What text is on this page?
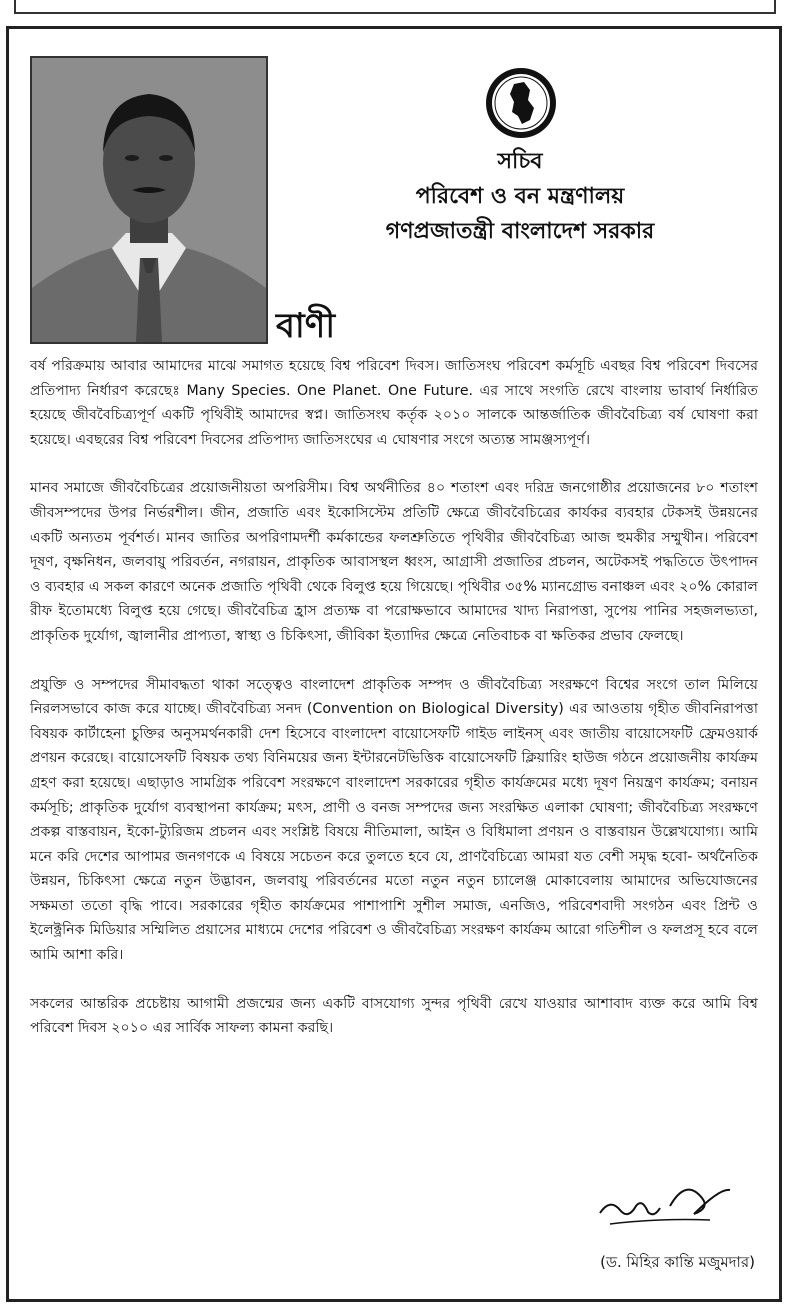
সচিব
পরিবেশ ও বন মন্ত্রণালয়
গণপ্রজাতন্ত্রী বাংলাদেশ সরকার
বাণী

বর্ষ পরিক্রমায় আবার আমাদের মাঝে সমাগত হয়েছে বিশ্ব পরিবেশ দিবস। জাতিসংঘ পরিবেশ কর্মসূচি এবছর বিশ্ব পরিবেশ দিবসের প্রতিপাদ্য নির্ধারণ করেছেঃ Many Species. One Planet. One Future. এর সাথে সংগতি রেখে বাংলায় ভাবার্থ নির্ধারিত হয়েছে জীববৈচিত্র্যপূর্ণ একটি পৃথিবীই আমাদের স্বপ্ন। জাতিসংঘ কর্তৃক ২০১০ সালকে আন্তর্জাতিক জীববৈচিত্র্য বর্ষ ঘোষণা করা হয়েছে। এবছরের বিশ্ব পরিবেশ দিবসের প্রতিপাদ্য জাতিসংঘের এ ঘোষণার সংগে অত্যন্ত সামঞ্জস্যপূর্ণ।

মানব সমাজে জীববৈচিত্রের প্রয়োজনীয়তা অপরিসীম। বিশ্ব অর্থনীতির ৪০ শতাংশ এবং দরিদ্র জনগোষ্ঠীর প্রয়োজনের ৮০ শতাংশ জীবসম্পদের উপর নির্ভরশীল। জীন, প্রজাতি এবং ইকোসিস্টেম প্রতিটি ক্ষেত্রে জীববৈচিত্রের কার্যকর ব্যবহার টেকসই উন্নয়নের একটি অন্যতম পূর্বশর্ত। মানব জাতির অপরিণামদর্শী কর্মকান্ডের ফলশ্রুতিতে পৃথিবীর জীববৈচিত্র্য আজ হুমকীর সম্মুখীন। পরিবেশ দূষণ, বৃক্ষনিধন, জলবায়ু পরিবর্তন, নগরায়ন, প্রাকৃতিক আবাসস্থল ধ্বংস, আগ্রাসী প্রজাতির প্রচলন, অটেকসই পদ্ধতিতে উৎপাদন ও ব্যবহার এ সকল কারণে অনেক প্রজাতি পৃথিবী থেকে বিলুপ্ত হয়ে গিয়েছে। পৃথিবীর ৩৫% ম্যানগ্রোভ বনাঞ্চল এবং ২০% কোরাল রীফ ইতোমধ্যে বিলুপ্ত হয়ে গেছে। জীববৈচিত্র হ্রাস প্রত্যক্ষ বা পরোক্ষভাবে আমাদের খাদ্য নিরাপত্তা, সুপেয় পানির সহজলভ্যতা, প্রাকৃতিক দুর্যোগ, জ্বালানীর প্রাপ্যতা, স্বাস্থ্য ও চিকিৎসা, জীবিকা ইত্যাদির ক্ষেত্রে নেতিবাচক বা ক্ষতিকর প্রভাব ফেলছে।

প্রযুক্তি ও সম্পদের সীমাবদ্ধতা থাকা সত্ত্বেও বাংলাদেশ প্রাকৃতিক সম্পদ ও জীববৈচিত্র্য সংরক্ষণে বিশ্বের সংগে তাল মিলিয়ে নিরলসভাবে কাজ করে যাচ্ছে। জীববৈচিত্র্য সনদ (Convention on Biological Diversity) এর আওতায় গৃহীত জীবনিরাপত্তা বিষয়ক কার্টাহেনা চুক্তির অনুসমর্থনকারী দেশ হিসেবে বাংলাদেশ বায়োসেফটি গাইড লাইনস্ এবং জাতীয় বায়োসেফটি ফ্রেমওয়ার্ক প্রণয়ন করেছে। বায়োসেফটি বিষয়ক তথ্য বিনিময়ের জন্য ইন্টারনেটভিত্তিক বায়োসেফটি ক্লিয়ারিং হাউজ গঠনে প্রয়োজনীয় কার্যক্রম গ্রহণ করা হয়েছে। এছাড়াও সামগ্রিক পরিবেশ সংরক্ষণে বাংলাদেশ সরকারের গৃহীত কার্যক্রমের মধ্যে দূষণ নিয়ন্ত্রণ কার্যক্রম; বনায়ন কর্মসূচি; প্রাকৃতিক দুর্যোগ ব্যবস্থাপনা কার্যক্রম; মৎস, প্রাণী ও বনজ সম্পদের জন্য সংরক্ষিত এলাকা ঘোষণা; জীববৈচিত্র্য সংরক্ষণে প্রকল্প বাস্তবায়ন, ইকো-ট্যুরিজম প্রচলন এবং সংশ্লিষ্ট বিষয়ে নীতিমালা, আইন ও বিধিমালা প্রণয়ন ও বাস্তবায়ন উল্লেখযোগ্য। আমি মনে করি দেশের আপামর জনগণকে এ বিষয়ে সচেতন করে তুলতে হবে যে, প্রাণবৈচিত্র্যে আমরা যত বেশী সমৃদ্ধ হবো- অর্থনৈতিক উন্নয়ন, চিকিৎসা ক্ষেত্রে নতুন উদ্ভাবন, জলবায়ু পরিবর্তনের মতো নতুন নতুন চ্যালেঞ্জ মোকাবেলায় আমাদের অভিযোজনের সক্ষমতা ততো বৃদ্ধি পাবে। সরকারের গৃহীত কার্যক্রমের পাশাপাশি সুশীল সমাজ, এনজিও, পরিবেশবাদী সংগঠন এবং প্রিন্ট ও ইলেক্ট্রনিক মিডিয়ার সম্মিলিত প্রয়াসের মাধ্যমে দেশের পরিবেশ ও জীববৈচিত্র্য সংরক্ষণ কার্যক্রম আরো গতিশীল ও ফলপ্রসূ হবে বলে আমি আশা করি।

সকলের আন্তরিক প্রচেষ্টায় আগামী প্রজন্মের জন্য একটি বাসযোগ্য সুন্দর পৃথিবী রেখে যাওয়ার আশাবাদ ব্যক্ত করে আমি বিশ্ব পরিবেশ দিবস ২০১০ এর সার্বিক সাফল্য কামনা করছি।

(ড. মিহির কান্তি মজুমদার)
